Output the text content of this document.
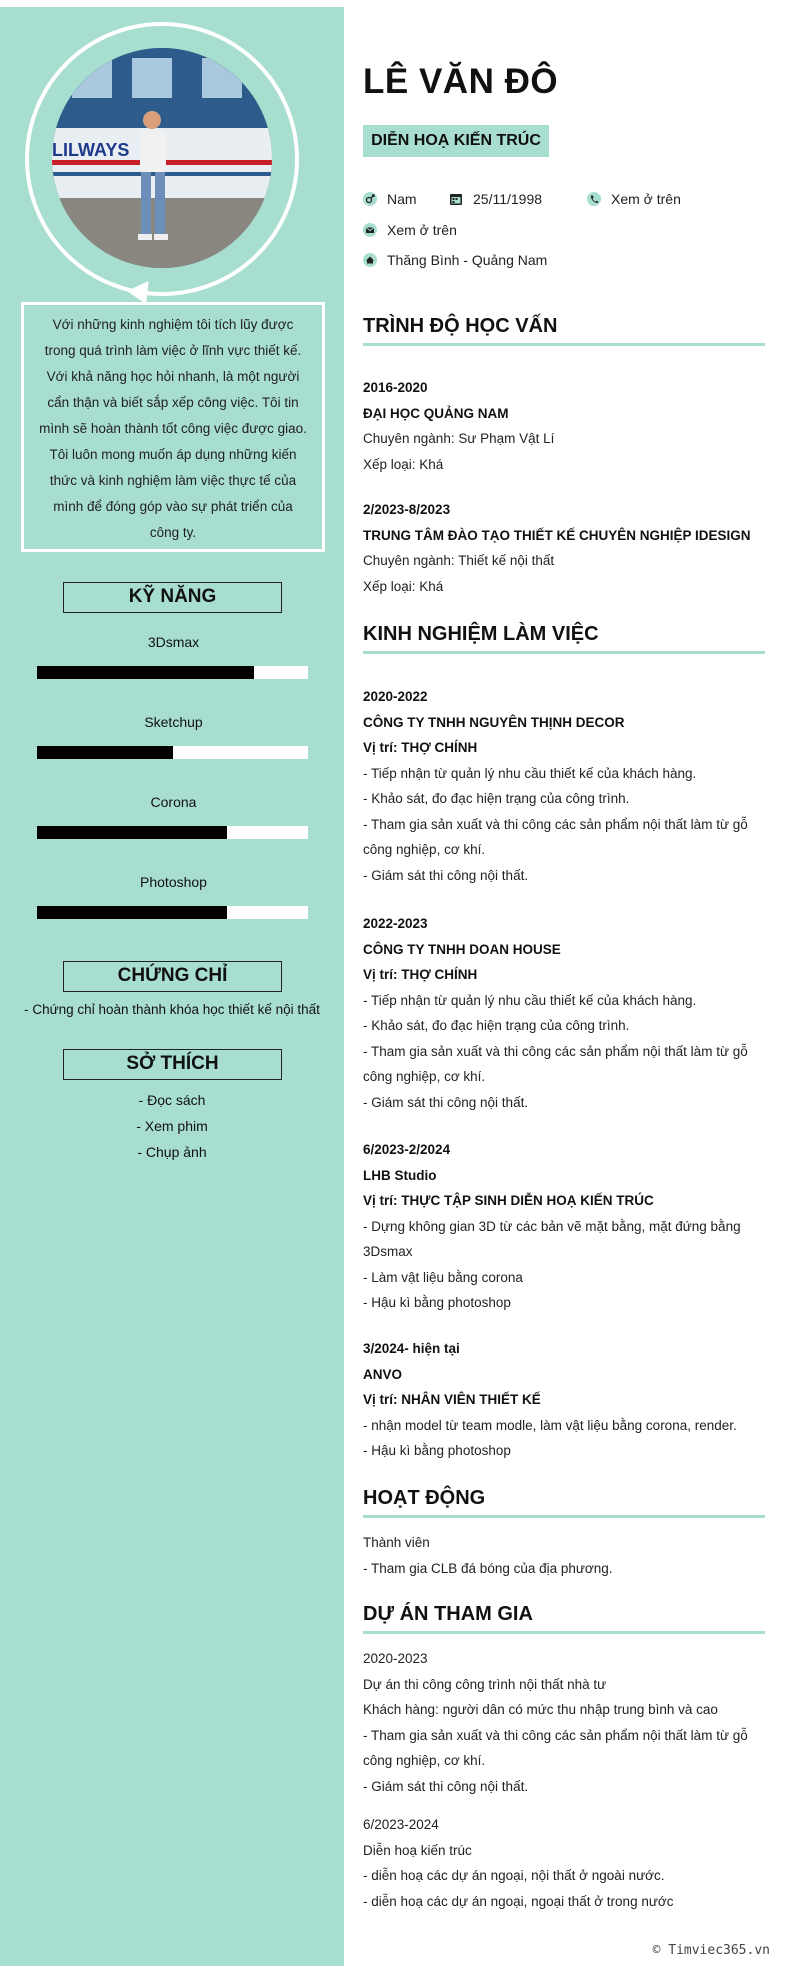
LILWAYS
Với những kinh nghiệm tôi tích lũy được trong quá trình làm việc ở lĩnh vực thiết kế. Với khả năng học hỏi nhanh, là một người cẩn thận và biết sắp xếp công việc. Tôi tin mình sẽ hoàn thành tốt công việc được giao. Tôi luôn mong muốn áp dụng những kiến thức và kinh nghiệm làm việc thực tế của mình để đóng góp vào sự phát triển của công ty.
KỸ NĂNG
3Dsmax
Sketchup
Corona
Photoshop
CHỨNG CHỈ
- Chứng chỉ hoàn thành khóa học thiết kế nội thất
SỞ THÍCH
- Đọc sách
- Xem phim
- Chụp ảnh
LÊ VĂN ĐÔ
DIỄN HOẠ KIẾN TRÚC
Nam	25/11/1998	Xem ở trên
Xem ở trên
Thăng Bình - Quảng Nam
TRÌNH ĐỘ HỌC VẤN
2016-2020
ĐẠI HỌC QUẢNG NAM
Chuyên ngành: Sư Phạm Vật Lí
Xếp loại: Khá
2/2023-8/2023
TRUNG TÂM ĐÀO TẠO THIẾT KẾ CHUYÊN NGHIỆP IDESIGN
Chuyên ngành: Thiết kế nội thất
Xếp loại: Khá
KINH NGHIỆM LÀM VIỆC
2020-2022
CÔNG TY TNHH NGUYÊN THỊNH DECOR
Vị trí: THỢ CHÍNH
- Tiếp nhận từ quản lý nhu cầu thiết kế của khách hàng.
- Khảo sát, đo đạc hiện trạng của công trình.
- Tham gia sản xuất và thi công các sản phẩm nội thất làm từ gỗ công nghiệp, cơ khí.
- Giám sát thi công nội thất.
2022-2023
CÔNG TY TNHH DOAN HOUSE
Vị trí: THỢ CHÍNH
- Tiếp nhận từ quản lý nhu cầu thiết kế của khách hàng.
- Khảo sát, đo đạc hiện trạng của công trình.
- Tham gia sản xuất và thi công các sản phẩm nội thất làm từ gỗ công nghiệp, cơ khí.
- Giám sát thi công nội thất.
6/2023-2/2024
LHB Studio
Vị trí: THỰC TẬP SINH DIỄN HOẠ KIẾN TRÚC
- Dựng không gian 3D từ các bản vẽ mặt bằng, mặt đứng bằng 3Dsmax
- Làm vật liệu bằng corona
- Hậu kì bằng photoshop
3/2024- hiện tại
ANVO
Vị trí: NHÂN VIÊN THIẾT KẾ
- nhận model từ team modle, làm vật liệu bằng corona, render.
- Hậu kì bằng photoshop
HOẠT ĐỘNG
Thành viên
- Tham gia CLB đá bóng của địa phương.
DỰ ÁN THAM GIA
2020-2023
Dự án thi công công trình nội thất nhà tư
Khách hàng: người dân có mức thu nhập trung bình và cao
- Tham gia sản xuất và thi công các sản phẩm nội thất làm từ gỗ công nghiệp, cơ khí.
- Giám sát thi công nội thất.
6/2023-2024
Diễn hoạ kiến trúc
- diễn hoạ các dự án ngoại, nội thất ở ngoài nước.
- diễn hoạ các dự án ngoại, ngoại thất ở trong nước
© Timviec365.vn
